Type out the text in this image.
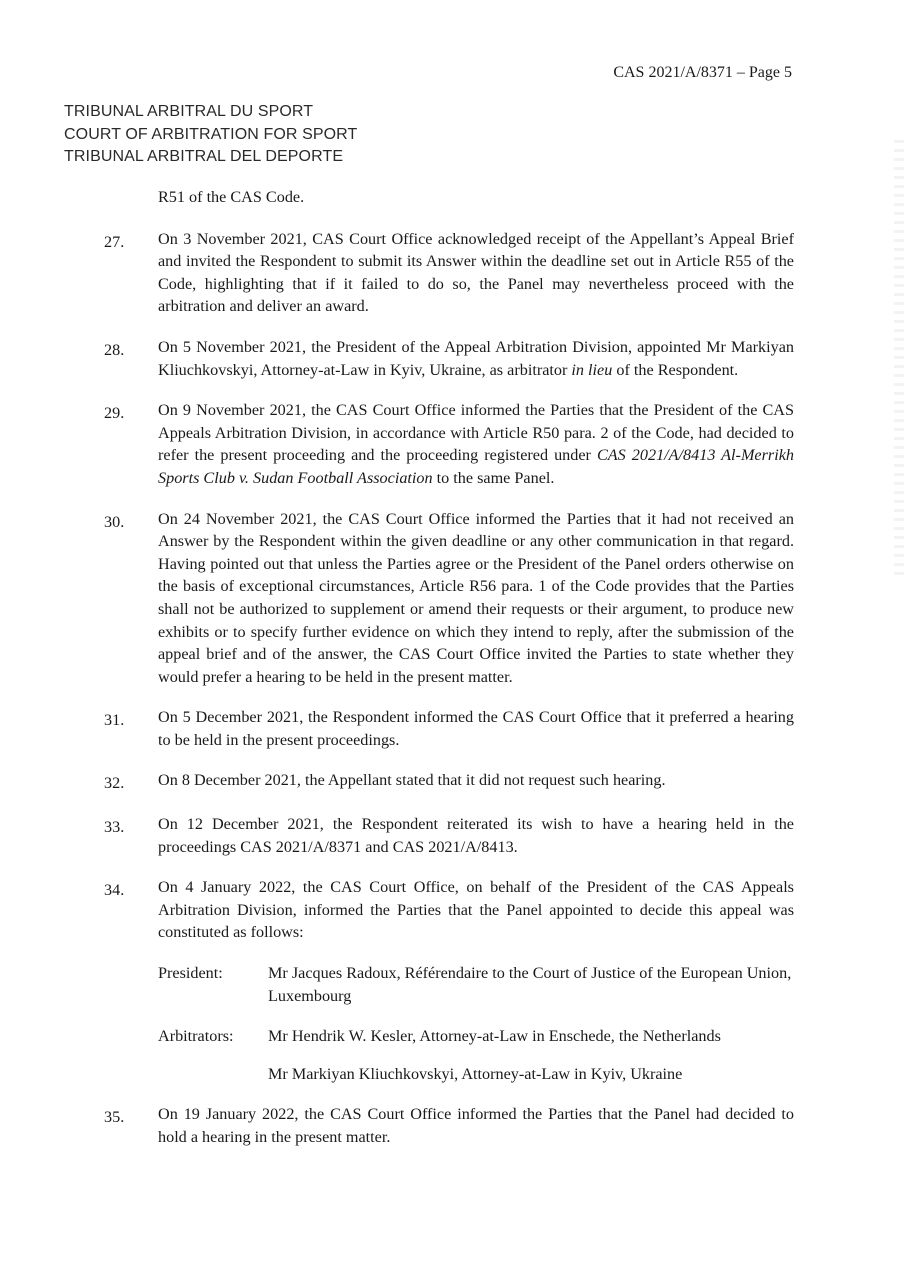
CAS 2021/A/8371 – Page 5
TRIBUNAL ARBITRAL DU SPORT
COURT OF ARBITRATION FOR SPORT
TRIBUNAL ARBITRAL DEL DEPORTE
R51 of the CAS Code.
27.	On 3 November 2021, CAS Court Office acknowledged receipt of the Appellant’s Appeal Brief and invited the Respondent to submit its Answer within the deadline set out in Article R55 of the Code, highlighting that if it failed to do so, the Panel may nevertheless proceed with the arbitration and deliver an award.
28.	On 5 November 2021, the President of the Appeal Arbitration Division, appointed Mr Markiyan Kliuchkovskyi, Attorney-at-Law in Kyiv, Ukraine, as arbitrator in lieu of the Respondent.
29.	On 9 November 2021, the CAS Court Office informed the Parties that the President of the CAS Appeals Arbitration Division, in accordance with Article R50 para. 2 of the Code, had decided to refer the present proceeding and the proceeding registered under CAS 2021/A/8413 Al-Merrikh Sports Club v. Sudan Football Association to the same Panel.
30.	On 24 November 2021, the CAS Court Office informed the Parties that it had not received an Answer by the Respondent within the given deadline or any other communication in that regard. Having pointed out that unless the Parties agree or the President of the Panel orders otherwise on the basis of exceptional circumstances, Article R56 para. 1 of the Code provides that the Parties shall not be authorized to supplement or amend their requests or their argument, to produce new exhibits or to specify further evidence on which they intend to reply, after the submission of the appeal brief and of the answer, the CAS Court Office invited the Parties to state whether they would prefer a hearing to be held in the present matter.
31.	On 5 December 2021, the Respondent informed the CAS Court Office that it preferred a hearing to be held in the present proceedings.
32.	On 8 December 2021, the Appellant stated that it did not request such hearing.
33.	On 12 December 2021, the Respondent reiterated its wish to have a hearing held in the proceedings CAS 2021/A/8371 and CAS 2021/A/8413.
34.	On 4 January 2022, the CAS Court Office, on behalf of the President of the CAS Appeals Arbitration Division, informed the Parties that the Panel appointed to decide this appeal was constituted as follows:

President:	Mr Jacques Radoux, Référendaire to the Court of Justice of the European Union, Luxembourg
Arbitrators:	Mr Hendrik W. Kesler, Attorney-at-Law in Enschede, the Netherlands
Mr Markiyan Kliuchkovskyi, Attorney-at-Law in Kyiv, Ukraine
35.	On 19 January 2022, the CAS Court Office informed the Parties that the Panel had decided to hold a hearing in the present matter.
